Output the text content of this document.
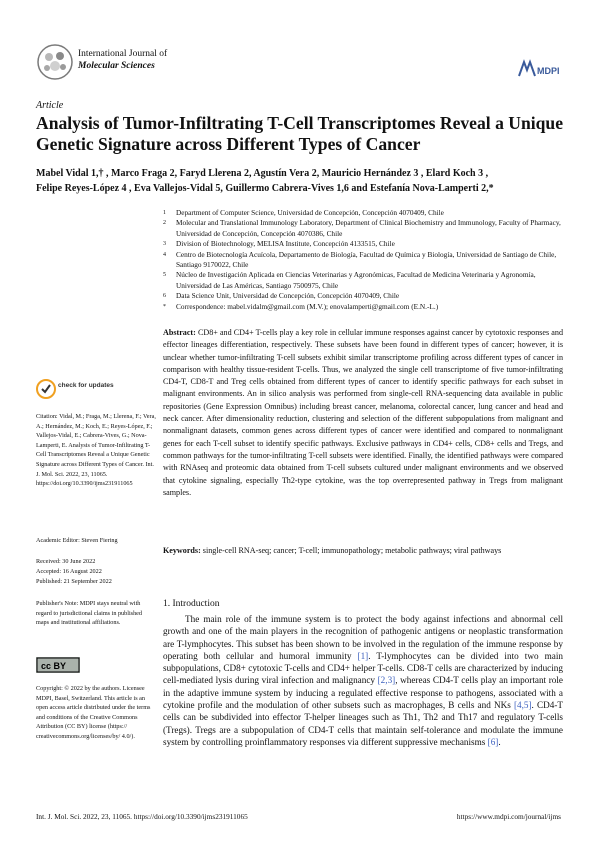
International Journal of
Molecular Sciences	MDPI
Article
Analysis of Tumor-Infiltrating T-Cell Transcriptomes Reveal a Unique Genetic Signature across Different Types of Cancer
Mabel Vidal 1,† , Marco Fraga 2, Faryd Llerena 2, Agustín Vera 2, Mauricio Hernández 3 , Elard Koch 3 ,
Felipe Reyes-López 4 , Eva Vallejos-Vidal 5, Guillermo Cabrera-Vives 1,6 and Estefanía Nova-Lamperti 2,*
1	Department of Computer Science, Universidad de Concepción, Concepción 4070409, Chile
2	Molecular and Translational Immunology Laboratory, Department of Clinical Biochemistry and Immunology, Faculty of Pharmacy, Universidad de Concepción, Concepción 4070386, Chile
3	Division of Biotechnology, MELISA Institute, Concepción 4133515, Chile
4	Centro de Biotecnología Acuícola, Departamento de Biología, Facultad de Química y Biología, Universidad de Santiago de Chile, Santiago 9170022, Chile
5	Núcleo de Investigación Aplicada en Ciencias Veterinarias y Agronómicas, Facultad de Medicina Veterinaria y Agronomía, Universidad de Las Américas, Santiago 7500975, Chile
6	Data Science Unit, Universidad de Concepción, Concepción 4070409, Chile
*	Correspondence: mabel.vidalm@gmail.com (M.V.); enovalamperti@gmail.com (E.N.-L.)
Abstract: CD8+ and CD4+ T-cells play a key role in cellular immune responses against cancer by cytotoxic responses and effector lineages differentiation, respectively. These subsets have been found in different types of cancer; however, it is unclear whether tumor-infiltrating T-cell subsets exhibit similar transcriptome profiling across different types of cancer in comparison with healthy tissue-resident T-cells. Thus, we analyzed the single cell transcriptome of five tumor-infiltrating CD4-T, CD8-T and Treg cells obtained from different types of cancer to identify specific pathways for each subset in malignant environments. An in silico analysis was performed from single-cell RNA-sequencing data available in public repositories (Gene Expression Omnibus) including breast cancer, melanoma, colorectal cancer, lung cancer and head and neck cancer. After dimensionality reduction, clustering and selection of the different subpopulations from malignant and nonmalignant datasets, common genes across different types of cancer were identified and compared to nonmalignant genes for each T-cell subset to identify specific pathways. Exclusive pathways in CD4+ cells, CD8+ cells and Tregs, and common pathways for the tumor-infiltrating T-cell subsets were identified. Finally, the identified pathways were compared with RNAseq and proteomic data obtained from T-cell subsets cultured under malignant environments and we observed that cytokine signaling, especially Th2-type cytokine, was the top overrepresented pathway in Tregs from malignant samples.
Keywords: single-cell RNA-seq; cancer; T-cell; immunopathology; metabolic pathways; viral pathways
check for updates
Citation: Vidal, M.; Fraga, M.; Llerena, F.; Vera, A.; Hernández, M.; Koch, E.; Reyes-López, F.; Vallejos-Vidal, E.; Cabrera-Vives, G.; Nova-Lamperti, E. Analysis of Tumor-Infiltrating T-Cell Transcriptomes Reveal a Unique Genetic Signature across Different Types of Cancer. Int. J. Mol. Sci. 2022, 23, 11065. https://doi.org/10.3390/ijms231911065
Academic Editor: Steven Fiering
Received: 30 June 2022
Accepted: 16 August 2022
Published: 21 September 2022
Publisher's Note: MDPI stays neutral with regard to jurisdictional claims in published maps and institutional affiliations.
cc BY
Copyright: © 2022 by the authors. Licensee MDPI, Basel, Switzerland. This article is an open access article distributed under the terms and conditions of the Creative Commons Attribution (CC BY) license (https:// creativecommons.org/licenses/by/ 4.0/).
1. Introduction

The main role of the immune system is to protect the body against infections and abnormal cell growth and one of the main players in the recognition of pathogenic antigens or neoplastic transformation are T-lymphocytes. This subset has been shown to be involved in the regulation of the immune response by operating both cellular and humoral immunity [1]. T-lymphocytes can be divided into two main subpopulations, CD8+ cytotoxic T-cells and CD4+ helper T-cells. CD8-T cells are characterized by inducing cell-mediated lysis during viral infection and malignancy [2,3], whereas CD4-T cells play an important role in the adaptive immune system by inducing a regulated effective response to pathogens, associated with a cytokine profile and the modulation of other subsets such as macrophages, B cells and NKs [4,5]. CD4-T cells can be subdivided into effector T-helper lineages such as Th1, Th2 and Th17 and regulatory T-cells (Tregs). Tregs are a subpopulation of CD4-T cells that maintain self-tolerance and modulate the immune system by controlling proinflammatory responses via different suppressive mechanisms [6].

Int. J. Mol. Sci. 2022, 23, 11065. https://doi.org/10.3390/ijms231911065	https://www.mdpi.com/journal/ijms
